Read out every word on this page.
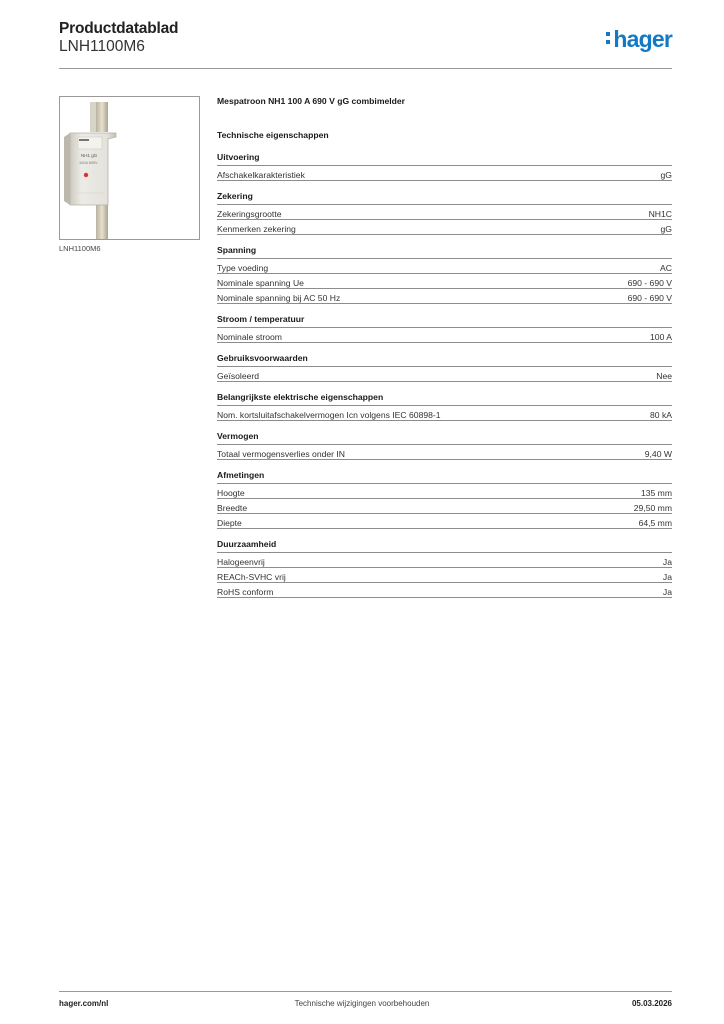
Productdatablad
LNH1100M6	hager
NH1 gG
100A 690V
LNH1100M6
Mespatroon NH1 100 A 690 V gG combimelder
Technische eigenschappen
Uitvoering
Afschakelkarakteristiek	gG
Zekering
Zekeringsgrootte	NH1C
Kenmerken zekering	gG
Spanning
Type voeding	AC
Nominale spanning Ue	690 - 690 V
Nominale spanning bij AC 50 Hz	690 - 690 V
Stroom / temperatuur
Nominale stroom	100 A
Gebruiksvoorwaarden
Geïsoleerd	Nee
Belangrijkste elektrische eigenschappen
Nom. kortsluitafschakelvermogen Icn volgens IEC 60898-1	80 kA
Vermogen
Totaal vermogensverlies onder IN	9,40 W
Afmetingen
Hoogte	135 mm
Breedte	29,50 mm
Diepte	64,5 mm
Duurzaamheid
Halogeenvrij	Ja
REACh-SVHC vrij	Ja
RoHS conform	Ja
hager.com/nl	Technische wijzigingen voorbehouden	05.03.2026
